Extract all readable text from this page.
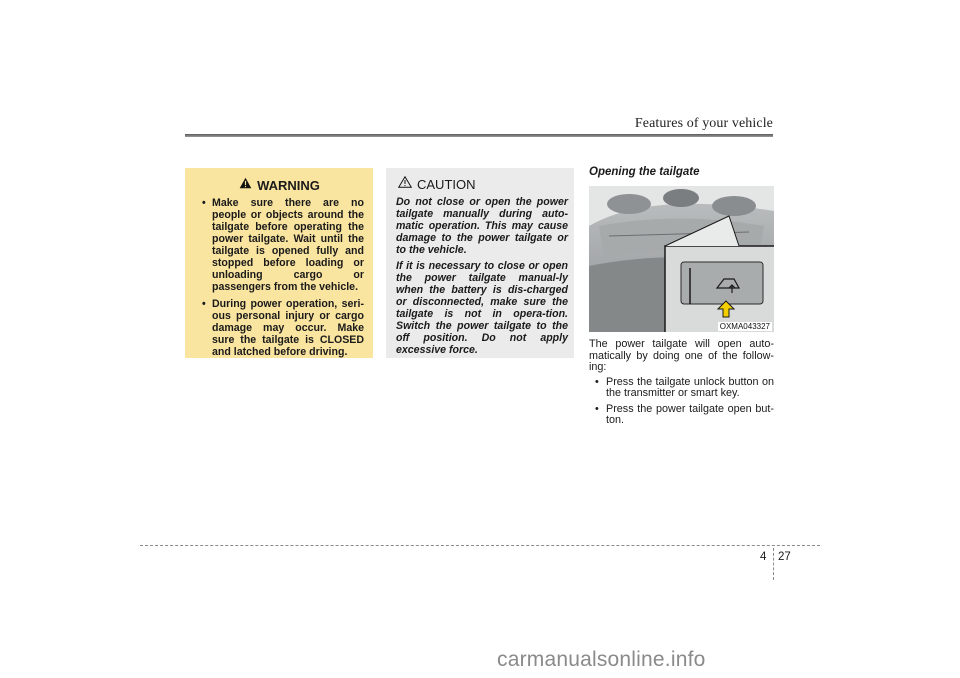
Features of your vehicle
WARNING
• Make sure there are no people or objects around the tailgate before operating the power tailgate. Wait until the tailgate is opened fully and stopped before loading or unloading cargo or passengers from the vehicle.
• During power operation, seri-ous personal injury or cargo damage may occur. Make sure the tailgate is CLOSED and latched before driving.
CAUTION

Do not close or open the power tailgate manually during auto-matic operation. This may cause damage to the power tailgate or to the vehicle.

If it is necessary to close or open the power tailgate manual-ly when the battery is dis-charged or disconnected, make sure the tailgate is not in opera-tion. Switch the power tailgate to the off position. Do not apply excessive force.

Opening the tailgate
OXMA043327

The power tailgate will open auto-matically by doing one of the follow-ing:

• Press the tailgate unlock button on the transmitter or smart key.
• Press the power tailgate open but-ton.
4 27
carmanualsonline.info
